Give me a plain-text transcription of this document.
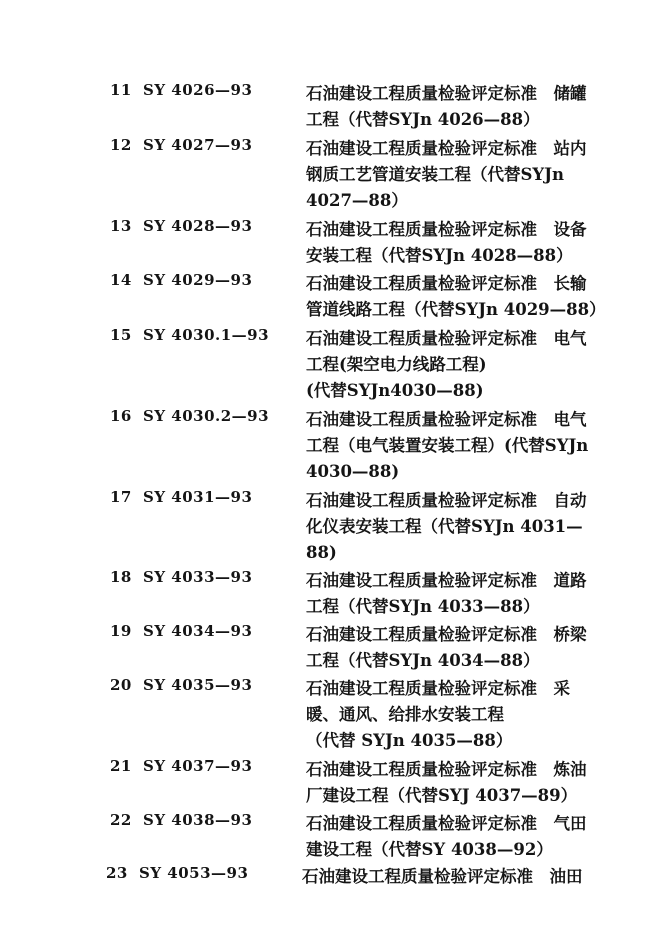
11 SY 4026—93	石油建设工程质量检验评定标准　储罐
工程（代替SYJn 4026—88）
12 SY 4027—93	石油建设工程质量检验评定标准　站内
钢质工艺管道安装工程（代替SYJn
4027—88）
13 SY 4028—93	石油建设工程质量检验评定标准　设备
安装工程（代替SYJn 4028—88）
14 SY 4029—93	石油建设工程质量检验评定标准　长输
管道线路工程（代替SYJn 4029—88）
15 SY 4030.1—93	石油建设工程质量检验评定标准　电气
工程(架空电力线路工程)
(代替SYJn4030—88)
16 SY 4030.2—93	石油建设工程质量检验评定标准　电气
工程（电气装置安装工程）(代替SYJn
4030—88)
17 SY 4031—93	石油建设工程质量检验评定标准　自动
化仪表安装工程（代替SYJn 4031—
88)
18 SY 4033—93	石油建设工程质量检验评定标准　道路
工程（代替SYJn 4033—88）
19 SY 4034—93	石油建设工程质量检验评定标准　桥梁
工程（代替SYJn 4034—88）
20 SY 4035—93	石油建设工程质量检验评定标准　采
暖、通风、给排水安装工程
（代替 SYJn 4035—88）
21 SY 4037—93	石油建设工程质量检验评定标准　炼油
厂建设工程（代替SYJ 4037—89）
22 SY 4038—93	石油建设工程质量检验评定标准　气田
建设工程（代替SY 4038—92）
23 SY 4053—93	石油建设工程质量检验评定标准　油田
